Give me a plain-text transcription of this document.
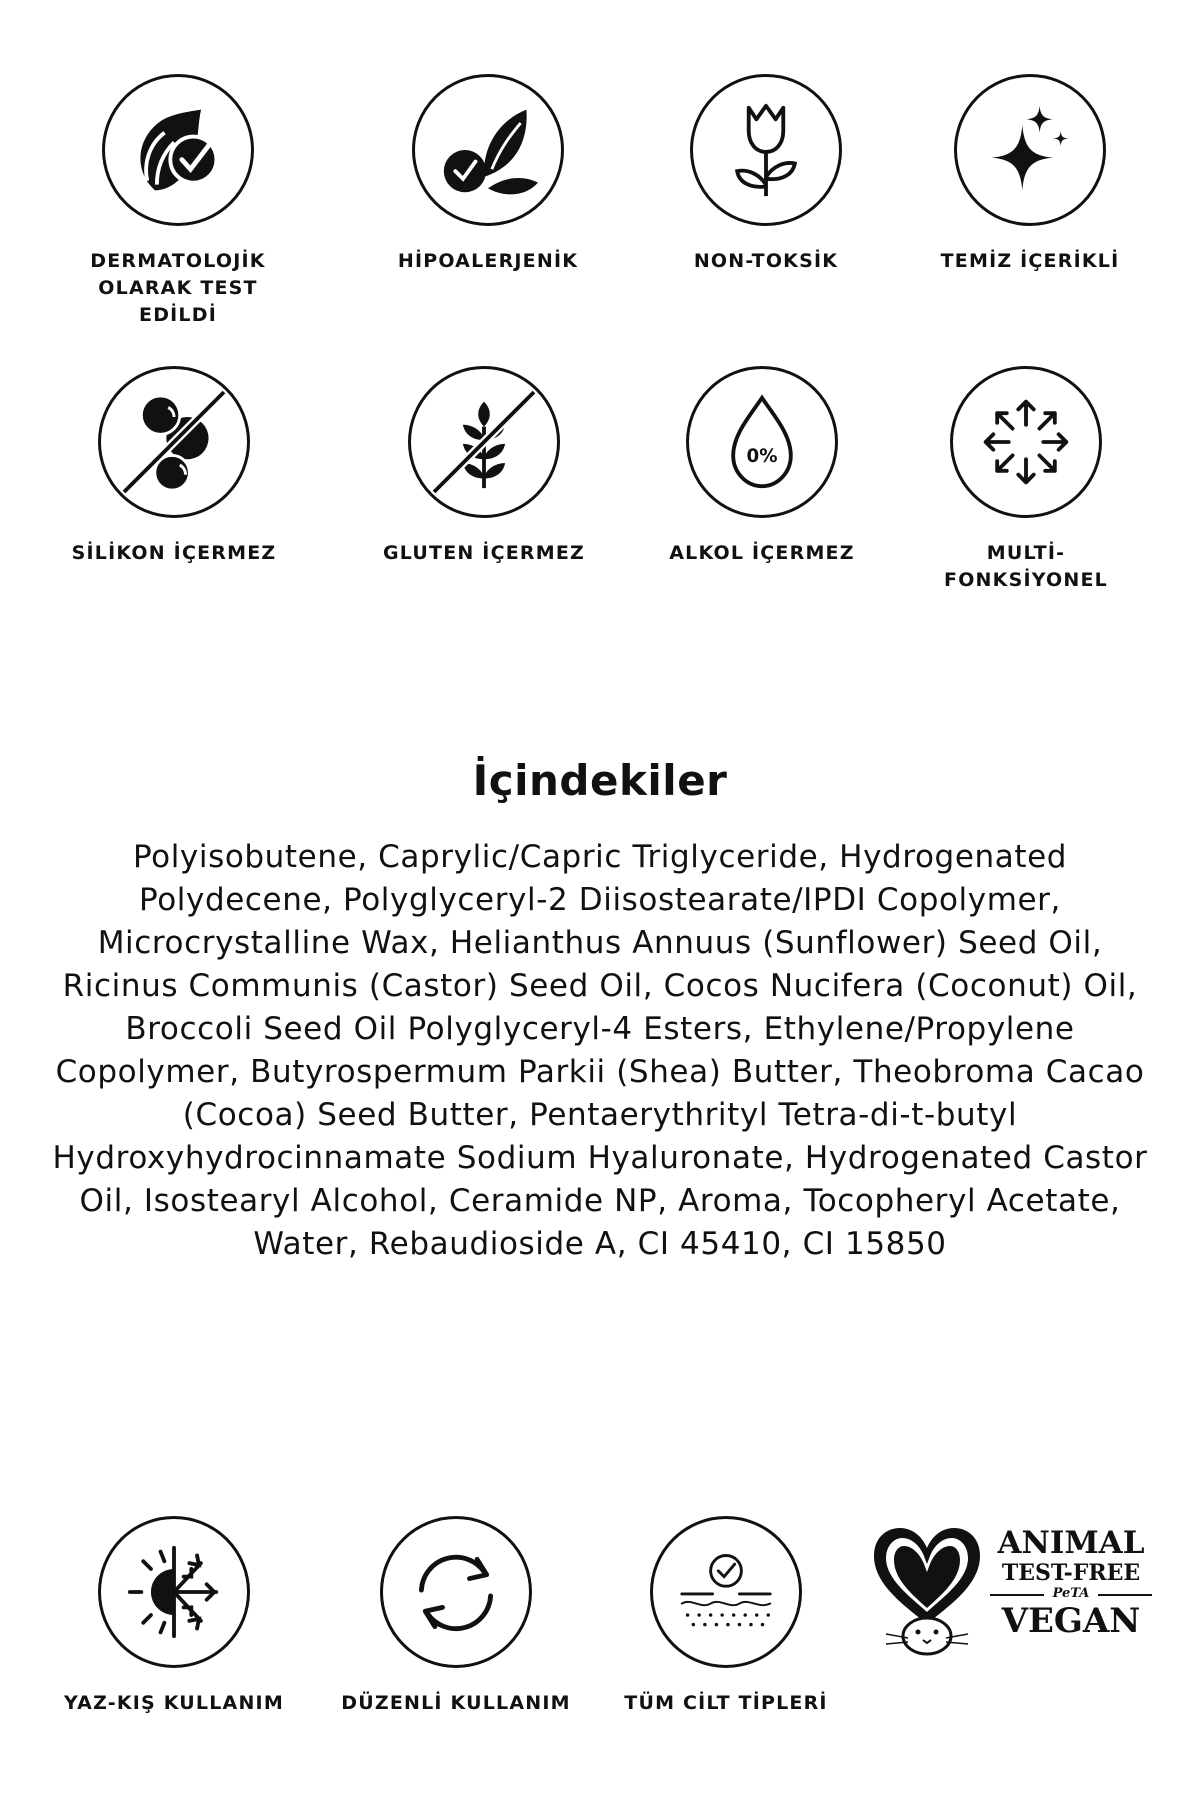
DERMATOLOJİK OLARAK TEST EDİLDİ
HİPOALERJENİK	NON-TOKSİK	TEMİZ İÇERİKLİ
SİLİKON İÇERMEZ	GLUTEN İÇERMEZ
0%
ALKOL İÇERMEZ	MULTİ-FONKSİYONEL
İçindekiler

Polyisobutene, Caprylic/Capric Triglyceride, Hydrogenated Polydecene, Polyglyceryl-2 Diisostearate/IPDI Copolymer, Microcrystalline Wax, Helianthus Annuus (Sunflower) Seed Oil, Ricinus Communis (Castor) Seed Oil, Cocos Nucifera (Coconut) Oil, Broccoli Seed Oil Polyglyceryl-4 Esters, Ethylene/Propylene Copolymer, Butyrospermum Parkii (Shea) Butter, Theobroma Cacao (Cocoa) Seed Butter, Pentaerythrityl Tetra-di-t-butyl Hydroxyhydrocinnamate Sodium Hyaluronate, Hydrogenated Castor Oil, Isostearyl Alcohol, Ceramide NP, Aroma, Tocopheryl Acetate, Water, Rebaudioside A, CI 45410, CI 15850

YAZ-KIŞ KULLANIM	DÜZENLİ KULLANIM	TÜM CİLT TİPLERİ
ANIMAL
TEST-FREE
PeTA
VEGAN
